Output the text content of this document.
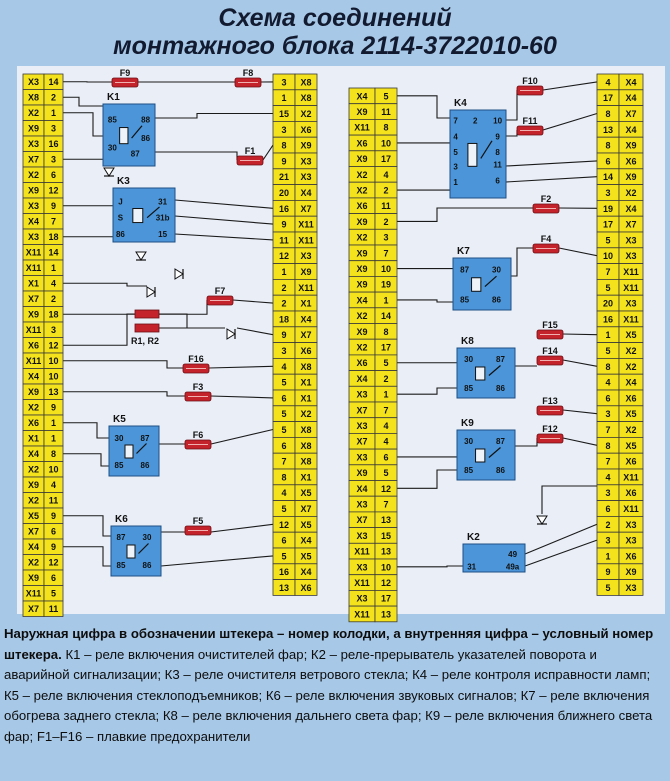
Схема соединений
монтажного блока 2114-3722010-60
X3 14
X8 2
X2 1
X9 3
X3 16
X7 3
X2 6
X9 12
X3 9
X4 7
X3 18
X11 14
X11 1
X1 4
X7 2
X9 18
X11 3
X6 12
X11 10
X4 10
X9 13
X2 9
X6 1
X1 1
X4 8
X2 10
X9 4
X2 11
X5 9
X7 6
X4 9
X2 12
X9 6
X11 5
X7 11
3 X8
1 X8
15 X2
3 X6
8 X9
9 X3
21 X3
20 X4
16 X7
9 X11
11 X11
12 X3
1 X9
2 X11
2 X1
18 X4
9 X7
3 X6
4 X8
5 X1
6 X1
5 X2
5 X8
6 X8
7 X8
8 X1
4 X5
5 X7
12 X5
6 X4
5 X5
16 X4
13 X6
X4 5
X9 11
X11 8
X6 10
X9 17
X2 4
X2 2
X6 11
X9 2
X2 3
X9 7
X9 10
X9 19
X4 1
X2 14
X9 8
X2 17
X6 5
X4 2
X3 1
X7 7
X3 4
X7 4
X3 6
X9 5
X4 12
X3 7
X7 13
X3 15
X11 13
X3 10
X11 12
X3 17
X11 13
4 X4
17 X4
8 X7
13 X4
8 X9
6 X6
14 X9
3 X2
19 X4
17 X7
5 X3
10 X3
7 X11
5 X11
20 X3
16 X11
1 X5
5 X2
8 X2
4 X4
6 X6
3 X5
7 X2
8 X5
7 X6
4 X11
3 X6
6 X11
2 X3
3 X3
1 X6
9 X9
5 X3
K1
85	88
30
87
86
K3
J	31
S	31b
86	15
K4
7 2 10
4	9
5	8
11
3
6
1
K5
30 87
85 86
K6
87 30
85 86
K7
87	30
85	86
K8
30	87
85	86
K9
30	87
85	86
K2
49
31	49a
F1
F2
F3
F4
F5
F6
F7
F8
F9
F10
F11
F12
F13
F14
F15
F16
R1, R2
Наружная цифра в обозначении штекера – номер колодки, а внутренняя цифра – условный номер штекера. К1 – реле включения очистителей фар; К2 – реле-прерыватель указателей поворота и аварийной сигнализации; К3 – реле очистителя ветрового стекла; К4 – реле контроля исправности ламп; К5 – реле включения стеклоподъемников; К6 – реле включения звуковых сигналов; К7 – реле включения обогрева заднего стекла; К8 – реле включения дальнего света фар; К9 – реле включения ближнего света фар; F1–F16 – плавкие предохранители
